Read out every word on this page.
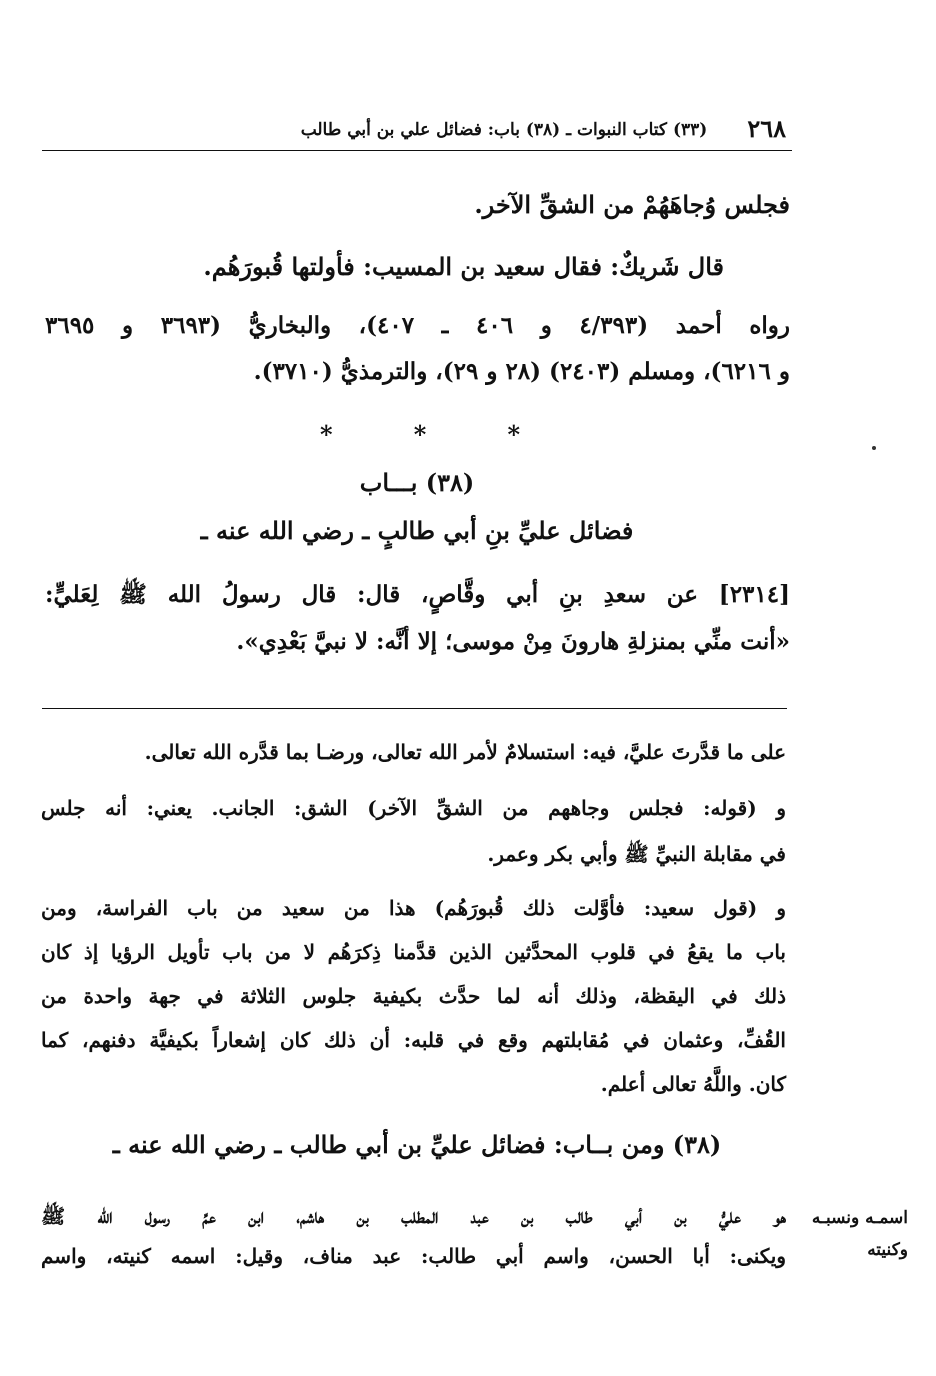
٢٦٨
(٣٣) كتاب النبوات ـ (٣٨) باب: فضائل علي بن أبي طالب
فجلس وُجاهَهُمْ من الشقِّ الآخر.
قال شَريكٌ: فقال سعيد بن المسيب: فأولتها قُبورَهُم.
رواه أحمد (٤/٣٩٣ و ٤٠٦ ـ ٤٠٧)، والبخاريُّ (٣٦٩٣ و ٣٦٩٥
و ٦٢١٦)، ومسلم (٢٤٠٣) (٢٨ و ٢٩)، والترمذيُّ (٣٧١٠).
*	*	*
(٣٨) بـــاب
فضائل عليِّ بنِ أبي طالبٍ ـ رضي الله عنه ـ
[٢٣١٤] عن سعدِ بنِ أبي وقَّاصٍ، قال: قال رسولُ الله ﷺ لِعَليٍّ:
«أنت منِّي بمنزلةِ هارونَ مِنْ موسى؛ إلا أنَّه: لا نبيَّ بَعْدِي».
على ما قدَّرتَ عليَّ، فيه: استسلامٌ لأمر الله تعالى، ورضـا بما قدَّره الله تعالى.
و (قوله: فجلس وجاههم من الشقِّ الآخر) الشق: الجانب. يعني: أنه جلس
في مقابلة النبيِّ ﷺ وأبي بكر وعمر.
و (قول سعيد: فأوَّلت ذلك قُبورَهُم) هذا من سعيد من باب الفراسة، ومن
باب ما يقعُ في قلوب المحدَّثين الذين قدَّمنا ذِكرَهُم لا من باب تأويل الرؤيا إذ كان
ذلك في اليقظة، وذلك أنه لما حدَّث بكيفية جلوس الثلاثة في جهة واحدة من
القُفِّ، وعثمان في مُقابلتهم وقع في قلبه: أن ذلك كان إشعاراً بكيفيَّة دفنهم، كما
كان. واللَّهُ تعالى أعلم.
(٣٨) ومن بــاب: فضائل عليِّ بن أبي طالب ـ رضي الله عنه ـ
اسمـه ونسبـه
وكنيته
هو عليُّ بن أبي طالب بن عبد المطلب بن هاشم، ابن عمِّ رسول الله ﷺ
ويكنى: أبا الحسن، واسم أبي طالب: عبد مناف، وقيل: اسمه كنيته، واسم
